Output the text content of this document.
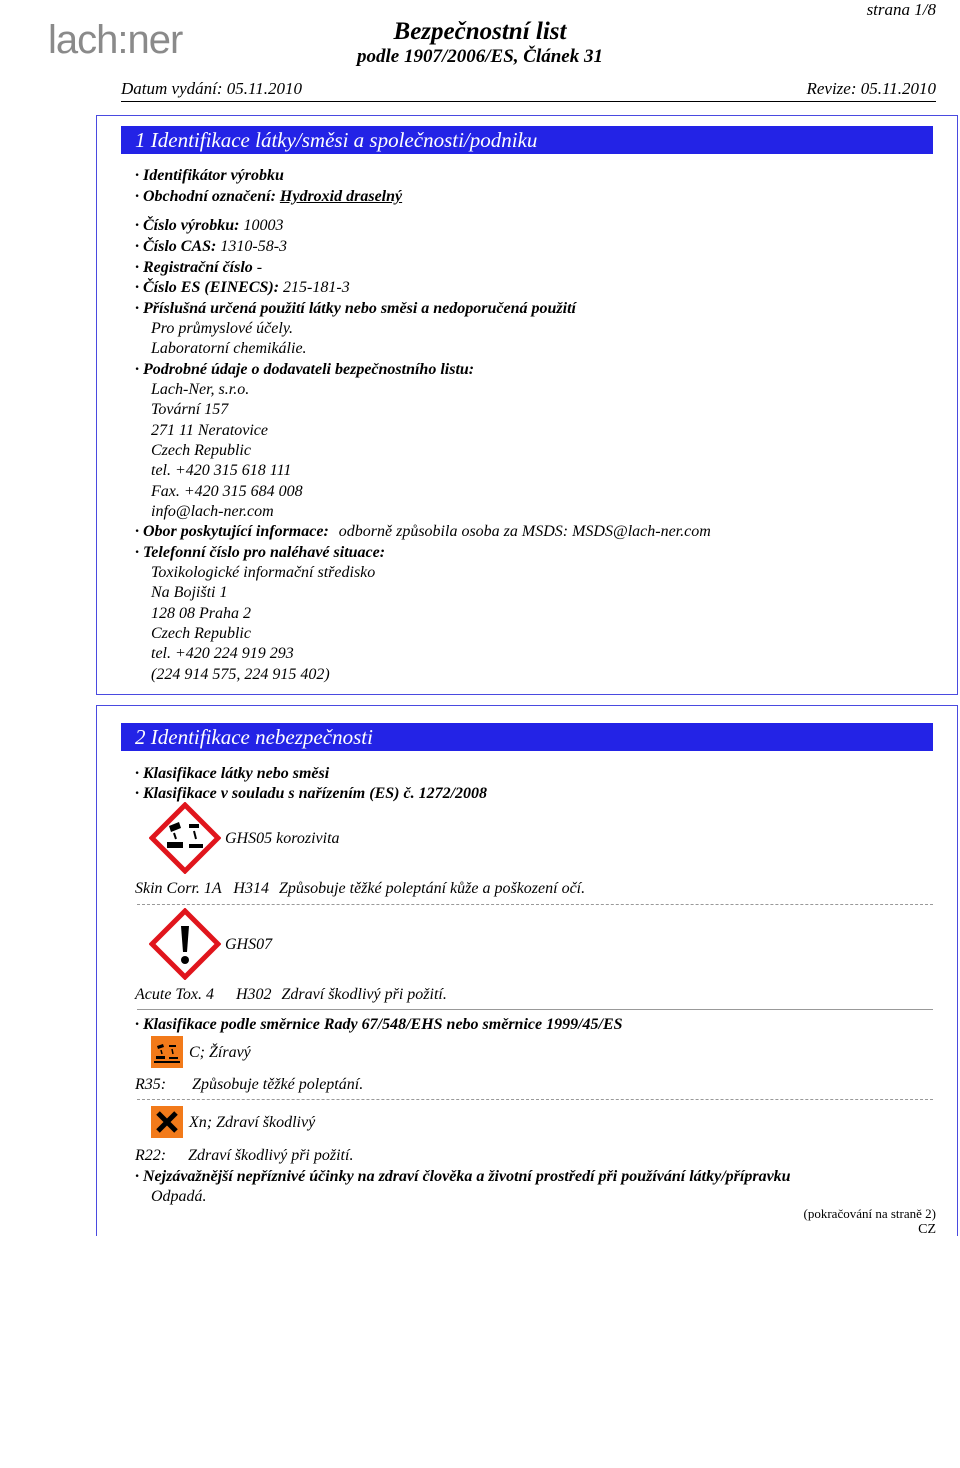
lach:ner
strana 1/8
Bezpečnostní list
podle 1907/2006/ES, Článek 31
Datum vydání: 05.11.2010	Revize: 05.11.2010
1 Identifikace látky/směsi a společnosti/podniku
· Identifikátor výrobku
· Obchodní označení: Hydroxid draselný
· Číslo výrobku: 10003
· Číslo CAS: 1310-58-3
· Registrační číslo -
· Číslo ES (EINECS): 215-181-3
· Příslušná určená použití látky nebo směsi a nedoporučená použití
Pro průmyslové účely.
Laboratorní chemikálie.
· Podrobné údaje o dodavateli bezpečnostního listu:
Lach-Ner, s.r.o.
Tovární 157
271 11 Neratovice
Czech Republic
tel. +420 315 618 111
Fax. +420 315 684 008
info@lach-ner.com
· Obor poskytující informace: odborně způsobila osoba za MSDS: MSDS@lach-ner.com
· Telefonní číslo pro naléhavé situace:
Toxikologické informační středisko
Na Bojišti 1
128 08 Praha 2
Czech Republic
tel. +420 224 919 293
(224 914 575, 224 915 402)
2 Identifikace nebezpečnosti
· Klasifikace látky nebo směsi
· Klasifikace v souladu s nařízením (ES) č. 1272/2008
GHS05 korozivita
Skin Corr. 1A H314 Způsobuje těžké poleptání kůže a poškození očí.
GHS07
Acute Tox. 4 H302 Zdraví škodlivý při požití.
· Klasifikace podle směrnice Rady 67/548/EHS nebo směrnice 1999/45/ES
C; Žíravý
R35: Způsobuje těžké poleptání.
Xn; Zdraví škodlivý
R22: Zdraví škodlivý při požití.
· Nejzávažnější nepříznivé účinky na zdraví člověka a životní prostředí při používání látky/přípravku
Odpadá.
(pokračování na straně 2)
CZ
